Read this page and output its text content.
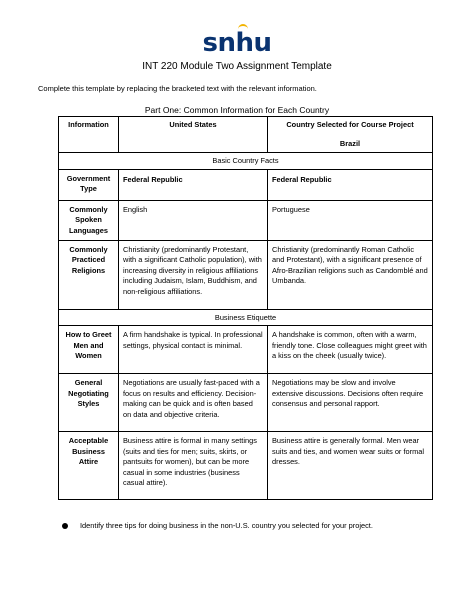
snhu
INT 220 Module Two Assignment Template
Complete this template by replacing the bracketed text with the relevant information.
Part One: Common Information for Each Country
Information	United States	Country Selected for Course Project
Brazil

Basic Country Facts		
Government Type	Federal Republic	Federal Republic
Commonly Spoken Languages	English	Portuguese
Commonly Practiced Religions	Christianity (predominantly Protestant, with a significant Catholic population), with increasing diversity in religious affiliations including Judaism, Islam, Buddhism, and non-religious affiliations.	Christianity (predominantly Roman Catholic and Protestant), with a significant presence of Afro-Brazilian religions such as Candomblé and Umbanda.
Business Etiquette		
How to Greet Men and Women	A firm handshake is typical. In professional settings, physical contact is minimal.	A handshake is common, often with a warm, friendly tone. Close colleagues might greet with a kiss on the cheek (usually twice).
General Negotiating Styles	Negotiations are usually fast-paced with a focus on results and efficiency. Decision-making can be quick and is often based on data and objective criteria.	Negotiations may be slow and involve extensive discussions. Decisions often require consensus and personal rapport.
Acceptable Business Attire	Business attire is formal in many settings (suits and ties for men; suits, skirts, or pantsuits for women), but can be more casual in some industries (business casual attire).	Business attire is generally formal. Men wear suits and ties, and women wear suits or formal dresses.
Identify three tips for doing business in the non-U.S. country you selected for your project.
